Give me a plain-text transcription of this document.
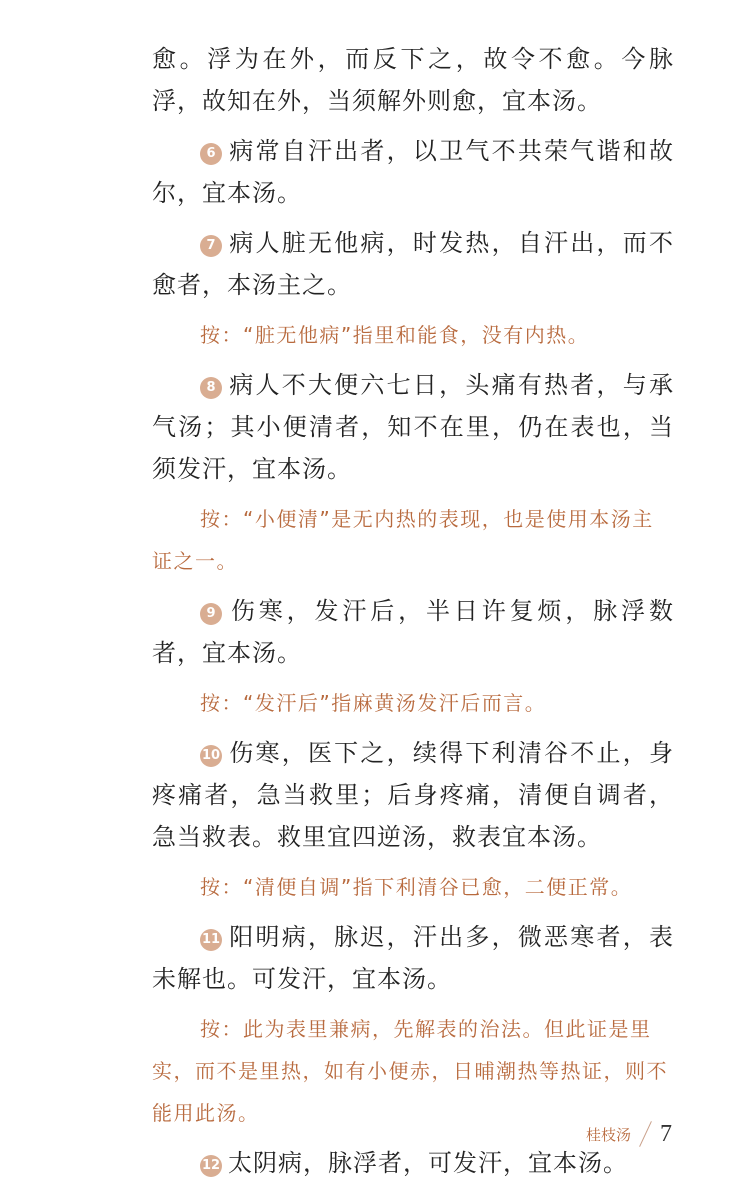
愈。浮为在外，而反下之，故令不愈。今脉浮，故知在外，当须解外则愈，宜本汤。

6 病常自汗出者，以卫气不共荣气谐和故尔，宜本汤。

7 病人脏无他病，时发热，自汗出，而不愈者，本汤主之。

按：“脏无他病”指里和能食，没有内热。

8 病人不大便六七日，头痛有热者，与承气汤；其小便清者，知不在里，仍在表也，当须发汗，宜本汤。

按：“小便清”是无内热的表现，也是使用本汤主证之一。

9 伤寒，发汗后，半日许复烦，脉浮数者，宜本汤。

按：“发汗后”指麻黄汤发汗后而言。

10 伤寒，医下之，续得下利清谷不止，身疼痛者，急当救里；后身疼痛，清便自调者，急当救表。救里宜四逆汤，救表宜本汤。

按：“清便自调”指下利清谷已愈，二便正常。

11 阳明病，脉迟，汗出多，微恶寒者，表未解也。可发汗，宜本汤。

按：此为表里兼病，先解表的治法。但此证是里实，而不是里热，如有小便赤，日晡潮热等热证，则不能用此汤。

12 太阴病，脉浮者，可发汗，宜本汤。

桂枝汤 7
